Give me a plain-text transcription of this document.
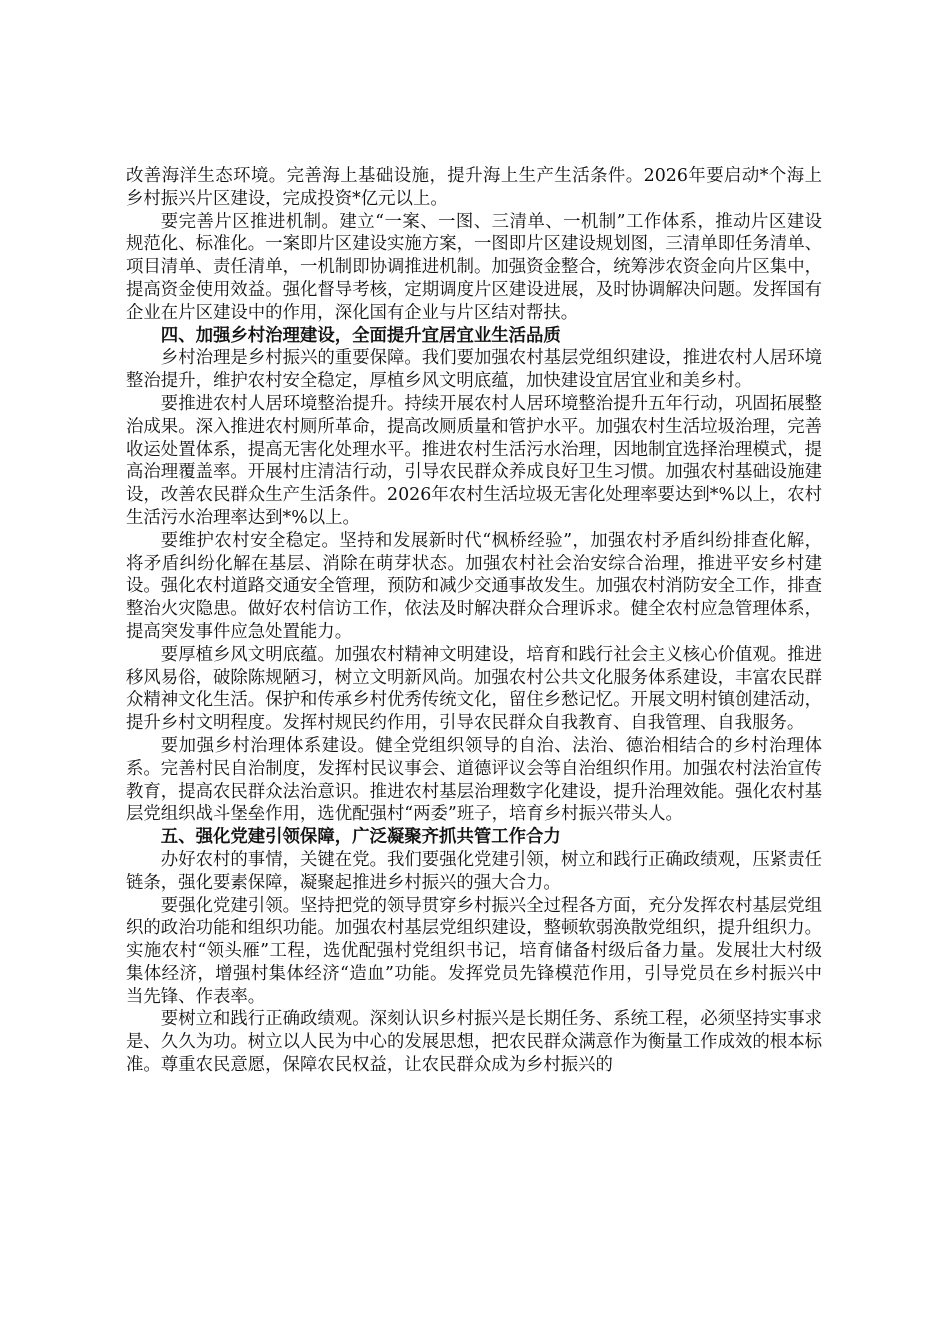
改善海洋生态环境。完善海上基础设施，提升海上生产生活条件。2026年要启动*个海上乡村振兴片区建设，完成投资*亿元以上。

要完善片区推进机制。建立“一案、一图、三清单、一机制”工作体系，推动片区建设规范化、标准化。一案即片区建设实施方案，一图即片区建设规划图，三清单即任务清单、项目清单、责任清单，一机制即协调推进机制。加强资金整合，统筹涉农资金向片区集中，提高资金使用效益。强化督导考核，定期调度片区建设进展，及时协调解决问题。发挥国有企业在片区建设中的作用，深化国有企业与片区结对帮扶。

四、加强乡村治理建设，全面提升宜居宜业生活品质

乡村治理是乡村振兴的重要保障。我们要加强农村基层党组织建设，推进农村人居环境整治提升，维护农村安全稳定，厚植乡风文明底蕴，加快建设宜居宜业和美乡村。

要推进农村人居环境整治提升。持续开展农村人居环境整治提升五年行动，巩固拓展整治成果。深入推进农村厕所革命，提高改厕质量和管护水平。加强农村生活垃圾治理，完善收运处置体系，提高无害化处理水平。推进农村生活污水治理，因地制宜选择治理模式，提高治理覆盖率。开展村庄清洁行动，引导农民群众养成良好卫生习惯。加强农村基础设施建设，改善农民群众生产生活条件。2026年农村生活垃圾无害化处理率要达到*%以上，农村生活污水治理率达到*%以上。

要维护农村安全稳定。坚持和发展新时代“枫桥经验”，加强农村矛盾纠纷排查化解，将矛盾纠纷化解在基层、消除在萌芽状态。加强农村社会治安综合治理，推进平安乡村建设。强化农村道路交通安全管理，预防和减少交通事故发生。加强农村消防安全工作，排查整治火灾隐患。做好农村信访工作，依法及时解决群众合理诉求。健全农村应急管理体系，提高突发事件应急处置能力。

要厚植乡风文明底蕴。加强农村精神文明建设，培育和践行社会主义核心价值观。推进移风易俗，破除陈规陋习，树立文明新风尚。加强农村公共文化服务体系建设，丰富农民群众精神文化生活。保护和传承乡村优秀传统文化，留住乡愁记忆。开展文明村镇创建活动，提升乡村文明程度。发挥村规民约作用，引导农民群众自我教育、自我管理、自我服务。

要加强乡村治理体系建设。健全党组织领导的自治、法治、德治相结合的乡村治理体系。完善村民自治制度，发挥村民议事会、道德评议会等自治组织作用。加强农村法治宣传教育，提高农民群众法治意识。推进农村基层治理数字化建设，提升治理效能。强化农村基层党组织战斗堡垒作用，选优配强村“两委”班子，培育乡村振兴带头人。

五、强化党建引领保障，广泛凝聚齐抓共管工作合力

办好农村的事情，关键在党。我们要强化党建引领，树立和践行正确政绩观，压紧责任链条，强化要素保障，凝聚起推进乡村振兴的强大合力。

要强化党建引领。坚持把党的领导贯穿乡村振兴全过程各方面，充分发挥农村基层党组织的政治功能和组织功能。加强农村基层党组织建设，整顿软弱涣散党组织，提升组织力。实施农村“领头雁”工程，选优配强村党组织书记，培育储备村级后备力量。发展壮大村级集体经济，增强村集体经济“造血”功能。发挥党员先锋模范作用，引导党员在乡村振兴中当先锋、作表率。

要树立和践行正确政绩观。深刻认识乡村振兴是长期任务、系统工程，必须坚持实事求是、久久为功。树立以人民为中心的发展思想，把农民群众满意作为衡量工作成效的根本标准。尊重农民意愿，保障农民权益，让农民群众成为乡村振兴的
